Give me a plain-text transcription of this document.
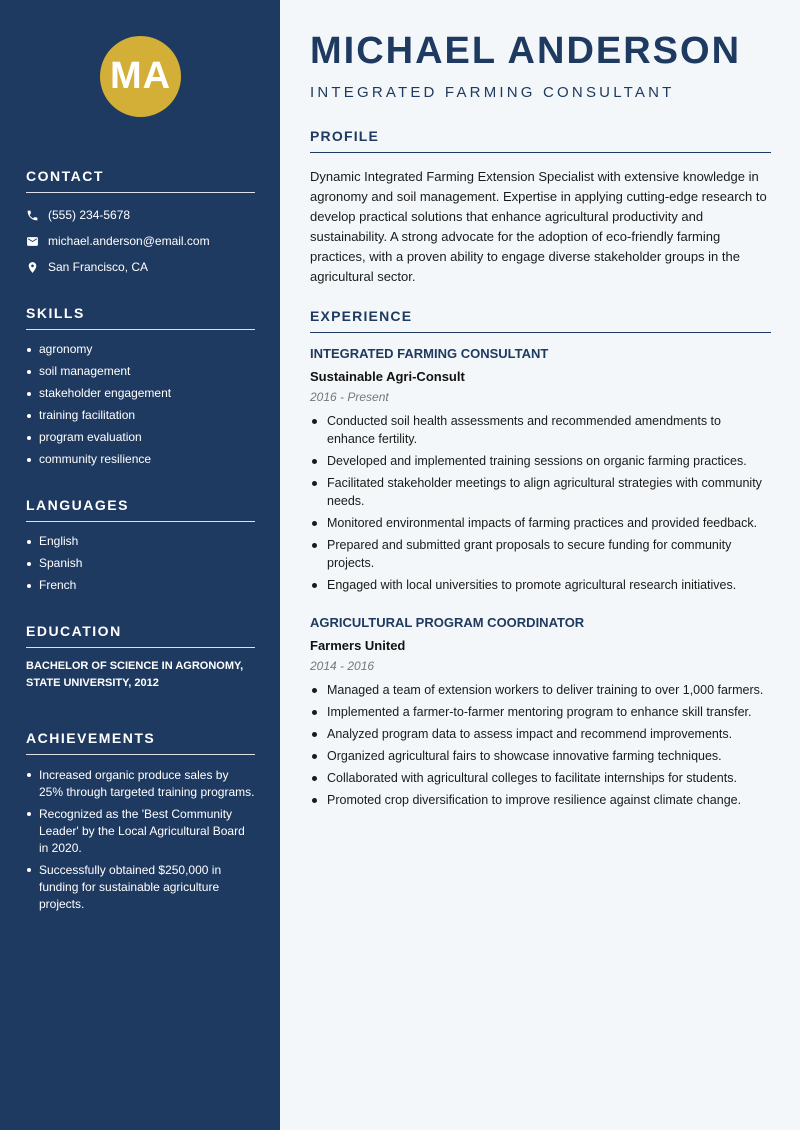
MA
CONTACT
(555) 234-5678
michael.anderson@email.com
San Francisco, CA
SKILLS
agronomy
soil management
stakeholder engagement
training facilitation
program evaluation
community resilience
LANGUAGES
English
Spanish
French
EDUCATION
BACHELOR OF SCIENCE IN AGRONOMY, STATE UNIVERSITY, 2012
ACHIEVEMENTS
Increased organic produce sales by 25% through targeted training programs.
Recognized as the 'Best Community Leader' by the Local Agricultural Board in 2020.
Successfully obtained $250,000 in funding for sustainable agriculture projects.
MICHAEL ANDERSON
INTEGRATED FARMING CONSULTANT
PROFILE

Dynamic Integrated Farming Extension Specialist with extensive knowledge in agronomy and soil management. Expertise in applying cutting-edge research to develop practical solutions that enhance agricultural productivity and sustainability. A strong advocate for the adoption of eco-friendly farming practices, with a proven ability to engage diverse stakeholder groups in the agricultural sector.

EXPERIENCE
INTEGRATED FARMING CONSULTANT
Sustainable Agri-Consult
2016 - Present
Conducted soil health assessments and recommended amendments to enhance fertility.
Developed and implemented training sessions on organic farming practices.
Facilitated stakeholder meetings to align agricultural strategies with community needs.
Monitored environmental impacts of farming practices and provided feedback.
Prepared and submitted grant proposals to secure funding for community projects.
Engaged with local universities to promote agricultural research initiatives.
AGRICULTURAL PROGRAM COORDINATOR
Farmers United
2014 - 2016
Managed a team of extension workers to deliver training to over 1,000 farmers.
Implemented a farmer-to-farmer mentoring program to enhance skill transfer.
Analyzed program data to assess impact and recommend improvements.
Organized agricultural fairs to showcase innovative farming techniques.
Collaborated with agricultural colleges to facilitate internships for students.
Promoted crop diversification to improve resilience against climate change.
